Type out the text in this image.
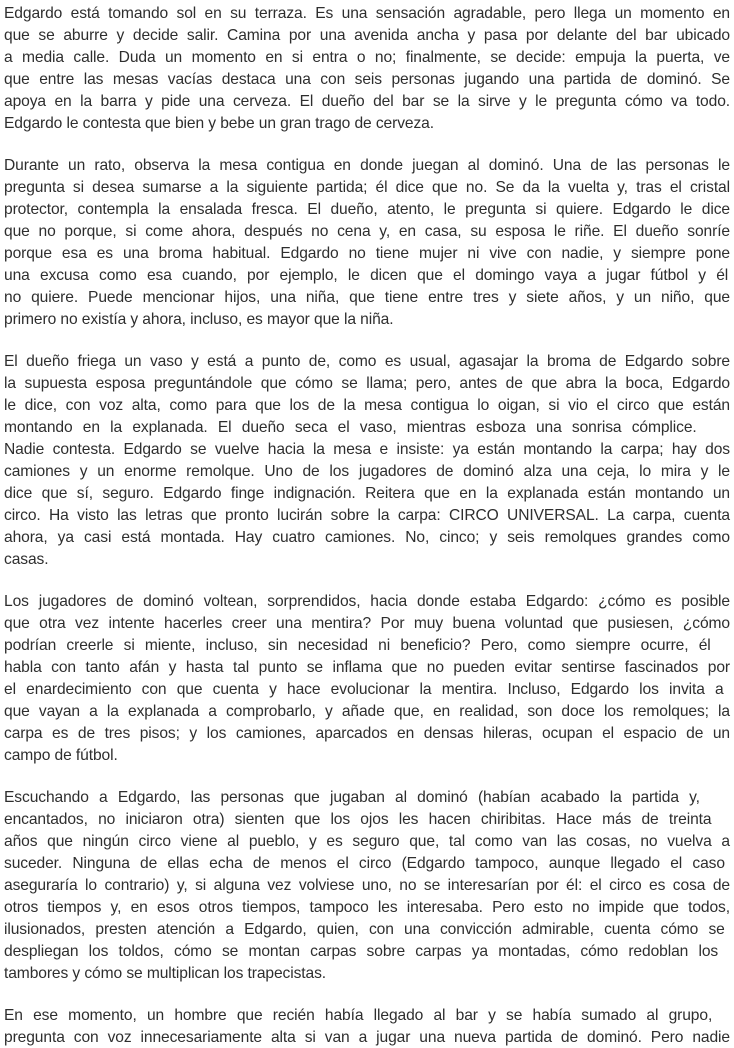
Edgardo está tomando sol en su terraza. Es una sensación agradable, pero llega un momento en
que se aburre y decide salir. Camina por una avenida ancha y pasa por delante del bar ubicado
a media calle. Duda un momento en si entra o no; finalmente, se decide: empuja la puerta, ve
que entre las mesas vacías destaca una con seis personas jugando una partida de dominó. Se
apoya en la barra y pide una cerveza. El dueño del bar se la sirve y le pregunta cómo va todo.
Edgardo le contesta que bien y bebe un gran trago de cerveza.
Durante un rato, observa la mesa contigua en donde juegan al dominó. Una de las personas le
pregunta si desea sumarse a la siguiente partida; él dice que no. Se da la vuelta y, tras el cristal
protector, contempla la ensalada fresca. El dueño, atento, le pregunta si quiere. Edgardo le dice
que no porque, si come ahora, después no cena y, en casa, su esposa le riñe. El dueño sonríe
porque esa es una broma habitual. Edgardo no tiene mujer ni vive con nadie, y siempre pone
una excusa como esa cuando, por ejemplo, le dicen que el domingo vaya a jugar fútbol y él
no quiere. Puede mencionar hijos, una niña, que tiene entre tres y siete años, y un niño, que
primero no existía y ahora, incluso, es mayor que la niña.
El dueño friega un vaso y está a punto de, como es usual, agasajar la broma de Edgardo sobre
la supuesta esposa preguntándole que cómo se llama; pero, antes de que abra la boca, Edgardo
le dice, con voz alta, como para que los de la mesa contigua lo oigan, si vio el circo que están
montando en la explanada. El dueño seca el vaso, mientras esboza una sonrisa cómplice.
Nadie contesta. Edgardo se vuelve hacia la mesa e insiste: ya están montando la carpa; hay dos
camiones y un enorme remolque. Uno de los jugadores de dominó alza una ceja, lo mira y le
dice que sí, seguro. Edgardo finge indignación. Reitera que en la explanada están montando un
circo. Ha visto las letras que pronto lucirán sobre la carpa: CIRCO UNIVERSAL. La carpa, cuenta
ahora, ya casi está montada. Hay cuatro camiones. No, cinco; y seis remolques grandes como
casas.
Los jugadores de dominó voltean, sorprendidos, hacia donde estaba Edgardo: ¿cómo es posible
que otra vez intente hacerles creer una mentira? Por muy buena voluntad que pusiesen, ¿cómo
podrían creerle si miente, incluso, sin necesidad ni beneficio? Pero, como siempre ocurre, él
habla con tanto afán y hasta tal punto se inflama que no pueden evitar sentirse fascinados por
el enardecimiento con que cuenta y hace evolucionar la mentira. Incluso, Edgardo los invita a
que vayan a la explanada a comprobarlo, y añade que, en realidad, son doce los remolques; la
carpa es de tres pisos; y los camiones, aparcados en densas hileras, ocupan el espacio de un
campo de fútbol.
Escuchando a Edgardo, las personas que jugaban al dominó (habían acabado la partida y,
encantados, no iniciaron otra) sienten que los ojos les hacen chiribitas. Hace más de treinta
años que ningún circo viene al pueblo, y es seguro que, tal como van las cosas, no vuelva a
suceder. Ninguna de ellas echa de menos el circo (Edgardo tampoco, aunque llegado el caso
aseguraría lo contrario) y, si alguna vez volviese uno, no se interesarían por él: el circo es cosa de
otros tiempos y, en esos otros tiempos, tampoco les interesaba. Pero esto no impide que todos,
ilusionados, presten atención a Edgardo, quien, con una convicción admirable, cuenta cómo se
despliegan los toldos, cómo se montan carpas sobre carpas ya montadas, cómo redoblan los
tambores y cómo se multiplican los trapecistas.
En ese momento, un hombre que recién había llegado al bar y se había sumado al grupo,
pregunta con voz innecesariamente alta si van a jugar una nueva partida de dominó. Pero nadie
